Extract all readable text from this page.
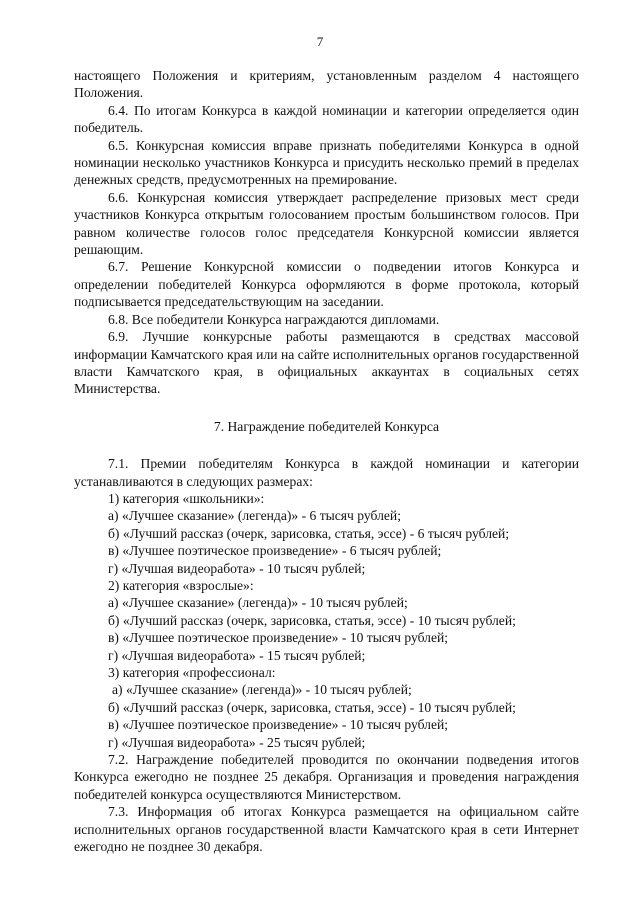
7

настоящего Положения и критериям, установленным разделом 4 настоящего Положения.

6.4. По итогам Конкурса в каждой номинации и категории определяется один победитель.

6.5. Конкурсная комиссия вправе признать победителями Конкурса в одной номинации несколько участников Конкурса и присудить несколько премий в пределах денежных средств, предусмотренных на премирование.

6.6. Конкурсная комиссия утверждает распределение призовых мест среди участников Конкурса открытым голосованием простым большинством голосов. При равном количестве голосов голос председателя Конкурсной комиссии является решающим.

6.7. Решение Конкурсной комиссии о подведении итогов Конкурса и определении победителей Конкурса оформляются в форме протокола, который подписывается председательствующим на заседании.

6.8. Все победители Конкурса награждаются дипломами.

6.9. Лучшие конкурсные работы размещаются в средствах массовой информации Камчатского края или на сайте исполнительных органов государственной власти Камчатского края, в официальных аккаунтах в социальных сетях Министерства.

7. Награждение победителей Конкурса

7.1. Премии победителям Конкурса в каждой номинации и категории устанавливаются в следующих размерах:

1) категория «школьники»:

а) «Лучшее сказание» (легенда)» - 6 тысяч рублей;

б) «Лучший рассказ (очерк, зарисовка, статья, эссе) - 6 тысяч рублей;

в) «Лучшее поэтическое произведение» - 6 тысяч рублей;

г) «Лучшая видеоработа» - 10 тысяч рублей;

2) категория «взрослые»:

а) «Лучшее сказание» (легенда)» - 10 тысяч рублей;

б) «Лучший рассказ (очерк, зарисовка, статья, эссе) - 10 тысяч рублей;

в) «Лучшее поэтическое произведение» - 10 тысяч рублей;

г) «Лучшая видеоработа» - 15 тысяч рублей;

3) категория «профессионал:

а) «Лучшее сказание» (легенда)» - 10 тысяч рублей;

б) «Лучший рассказ (очерк, зарисовка, статья, эссе) - 10 тысяч рублей;

в) «Лучшее поэтическое произведение» - 10 тысяч рублей;

г) «Лучшая видеоработа» - 25 тысяч рублей;

7.2. Награждение победителей проводится по окончании подведения итогов Конкурса ежегодно не позднее 25 декабря. Организация и проведения награждения победителей конкурса осуществляются Министерством.

7.3. Информация об итогах Конкурса размещается на официальном сайте исполнительных органов государственной власти Камчатского края в сети Интернет ежегодно не позднее 30 декабря.
